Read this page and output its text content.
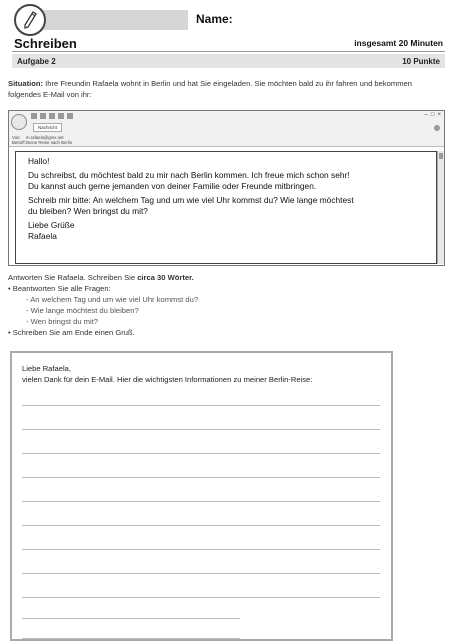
Name:
Schreiben	insgesamt 20 Minuten
Aufgabe 2	10 Punkte
Situation: Ihre Freundin Rafaela wohnt in Berlin und hat Sie eingeladen. Sie möchten bald zu ihr fahren und bekommen folgendes E-Mail von ihr:
Nachricht
– □ ×
Von: m.rafaela@gmx.net
Betreff:Deine Reise nach Berlin

Hallo!

Du schreibst, du möchtest bald zu mir nach Berlin kommen. Ich freue mich schon sehr!

Du kannst auch gerne jemanden von deiner Familie oder Freunde mitbringen.

Schreib mir bitte: An welchem Tag und um wie viel Uhr kommst du? Wie lange möchtest

du bleiben? Wen bringst du mit?

Liebe Grüße

Rafaela

Antworten Sie Rafaela. Schreiben Sie circa 30 Wörter.
• Beantworten Sie alle Fragen:
- An welchem Tag und um wie viel Uhr kommst du?
- Wie lange möchtest du bleiben?
- Wen bringst du mit?
• Schreiben Sie am Ende einen Gruß.
Liebe Rafaela,
vielen Dank für dein E-Mail. Hier die wichtigsten Informationen zu meiner Berlin-Reise:
